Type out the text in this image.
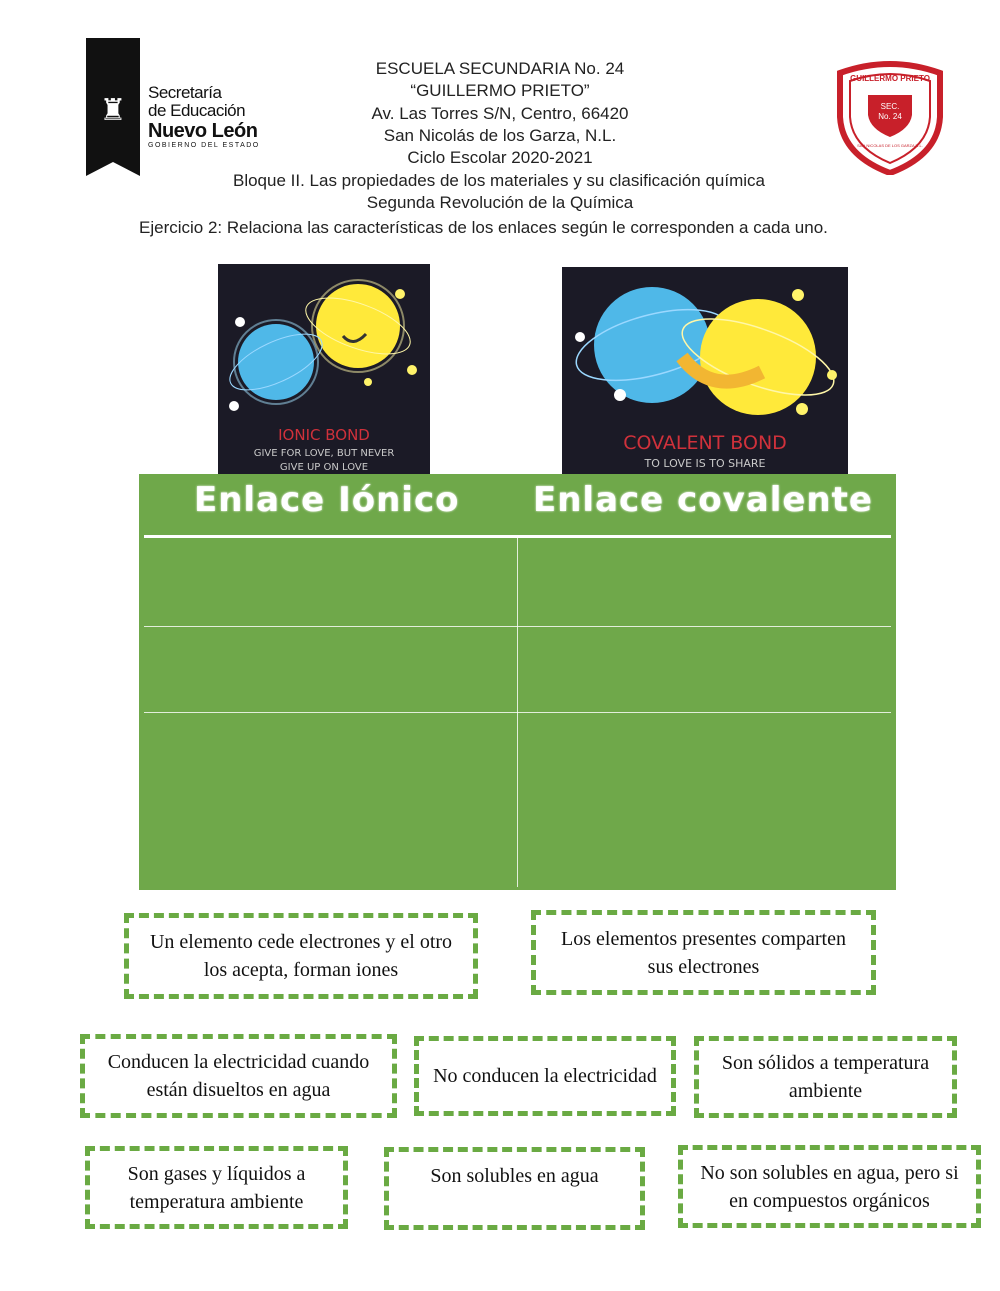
♜
Secretaría
de Educación
Nuevo León
GOBIERNO DEL ESTADO
GUILLERMO PRIETO
SEC.
No. 24
SAN NICOLAS DE LOS GARZA N.L.
ESCUELA SECUNDARIA No. 24
“GUILLERMO PRIETO”
Av. Las Torres S/N, Centro, 66420
San Nicolás de los Garza, N.L.
Ciclo Escolar 2020-2021
Bloque II. Las propiedades de los materiales y su clasificación química
Segunda Revolución de la Química
Ejercicio 2: Relaciona las características de los enlaces según le corresponden a cada uno.
IONIC BOND
GIVE FOR LOVE, BUT NEVER
GIVE UP ON LOVE
COVALENT BOND
TO LOVE IS TO SHARE
Enlace Iónico Enlace covalente
Un elemento cede electrones y el otro los acepta, forman iones
Los elementos presentes comparten sus electrones
Conducen la electricidad cuando están disueltos en agua
No conducen la electricidad
Son sólidos a temperatura ambiente
Son gases y líquidos a temperatura ambiente
Son solubles en agua	No son solubles en agua, pero si en compuestos orgánicos
